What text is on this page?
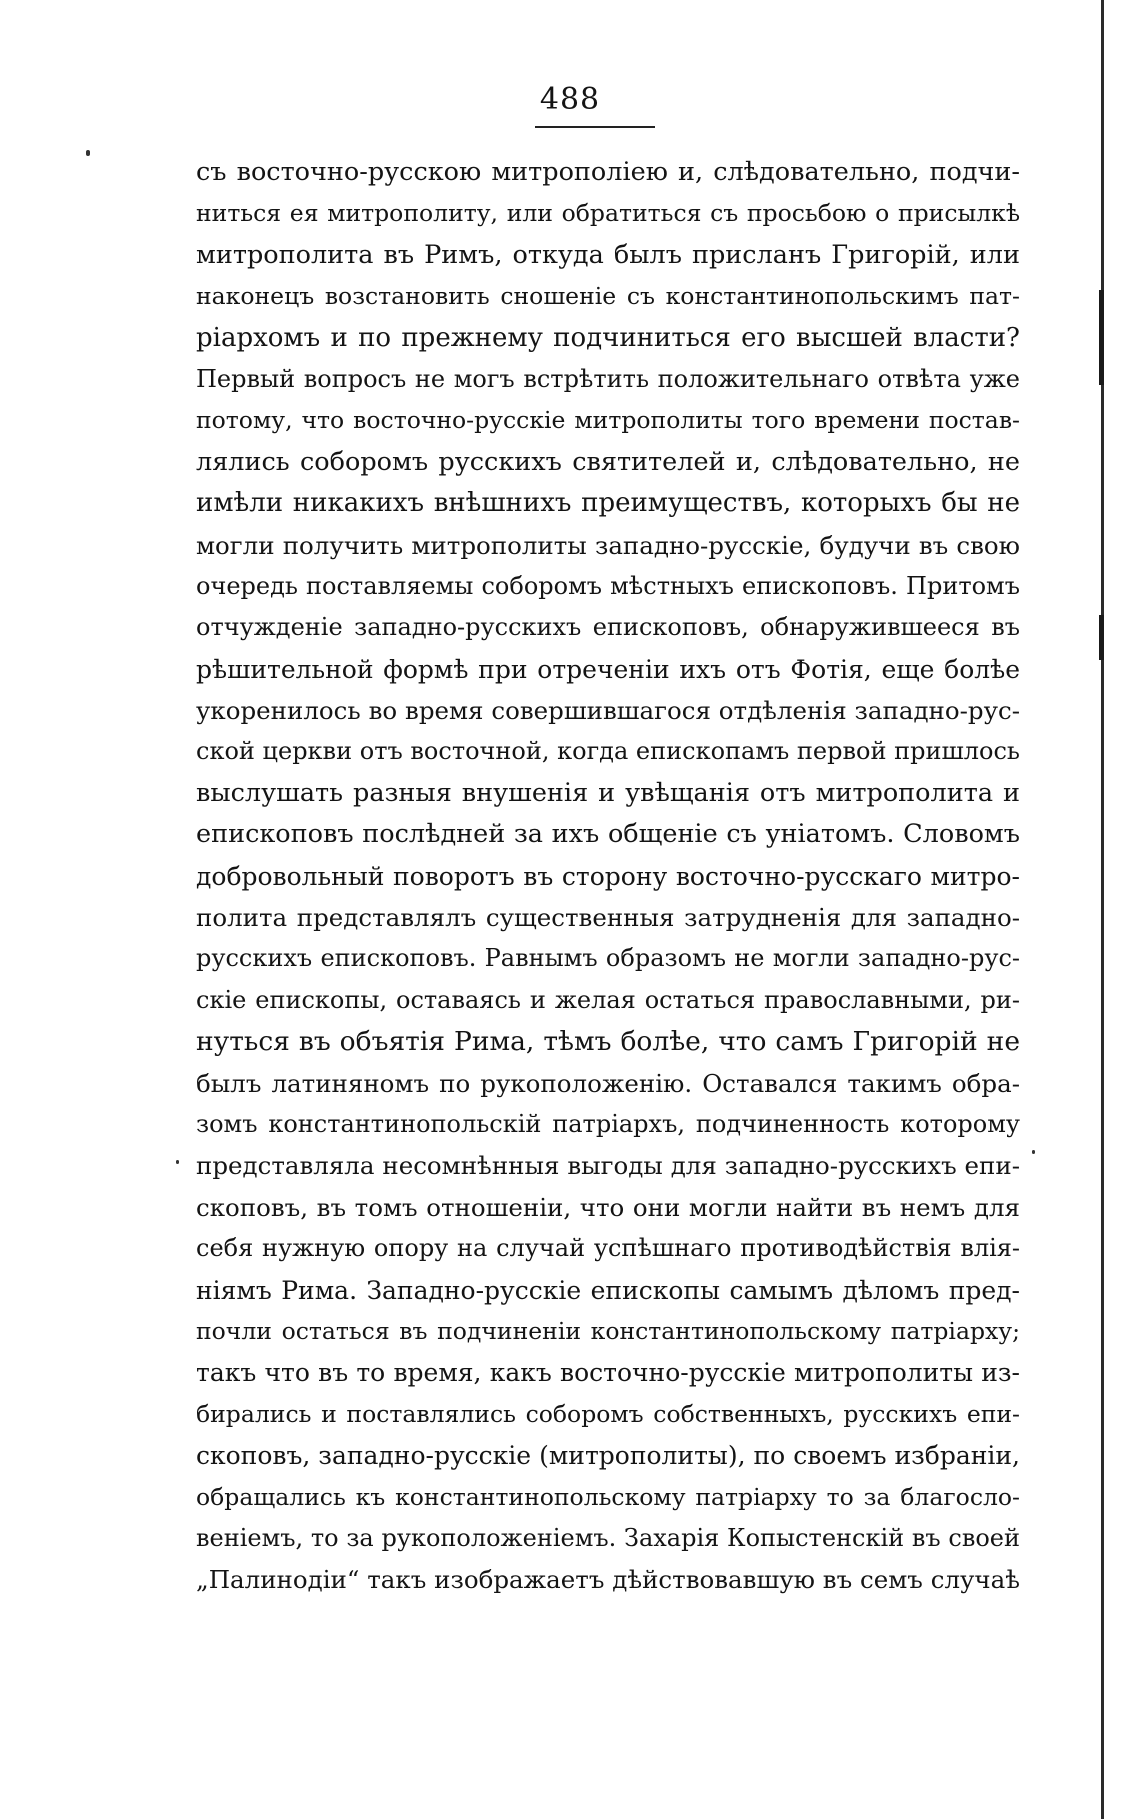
488
съ восточно-русскою митрополіею и, слѣдовательно, подчи-
ниться ея митрополиту, или обратиться съ просьбою о присылкѣ
митрополита въ Римъ, откуда былъ присланъ Григорій, или
наконецъ возстановить сношеніе съ константинопольскимъ пат-
ріархомъ и по прежнему подчиниться его высшей власти?
Первый вопросъ не могъ встрѣтить положительнаго отвѣта уже
потому, что восточно-русскіе митрополиты того времени постав-
лялись соборомъ русскихъ святителей и, слѣдовательно, не
имѣли никакихъ внѣшнихъ преимуществъ, которыхъ бы не
могли получить митрополиты западно-русскіе, будучи въ свою
очередь поставляемы соборомъ мѣстныхъ епископовъ. Притомъ
отчужденіе западно-русскихъ епископовъ, обнаружившееся въ
рѣшительной формѣ при отреченіи ихъ отъ Фотія, еще болѣе
укоренилось во время совершившагося отдѣленія западно-рус-
ской церкви отъ восточной, когда епископамъ первой пришлось
выслушать разныя внушенія и увѣщанія отъ митрополита и
епископовъ послѣдней за ихъ общеніе съ уніатомъ. Словомъ
добровольный поворотъ въ сторону восточно-русскаго митро-
полита представлялъ существенныя затрудненія для западно-
русскихъ епископовъ. Равнымъ образомъ не могли западно-рус-
скіе епископы, оставаясь и желая остаться православными, ри-
нуться въ объятія Рима, тѣмъ болѣе, что самъ Григорій не
былъ латиняномъ по рукоположенію. Оставался такимъ обра-
зомъ константинопольскій патріархъ, подчиненность которому
представляла несомнѣнныя выгоды для западно-русскихъ епи-
скоповъ, въ томъ отношеніи, что они могли найти въ немъ для
себя нужную опору на случай успѣшнаго противодѣйствія влія-
ніямъ Рима. Западно-русскіе епископы самымъ дѣломъ пред-
почли остаться въ подчиненіи константинопольскому патріарху;
такъ что въ то время, какъ восточно-русскіе митрополиты из-
бирались и поставлялись соборомъ собственныхъ, русскихъ епи-
скоповъ, западно-русскіе (митрополиты), по своемъ избраніи,
обращались къ константинопольскому патріарху то за благосло-
веніемъ, то за рукоположеніемъ. Захарія Копыстенскій въ своей
„Палинодіи“ такъ изображаетъ дѣйствовавшую въ семъ случаѣ
